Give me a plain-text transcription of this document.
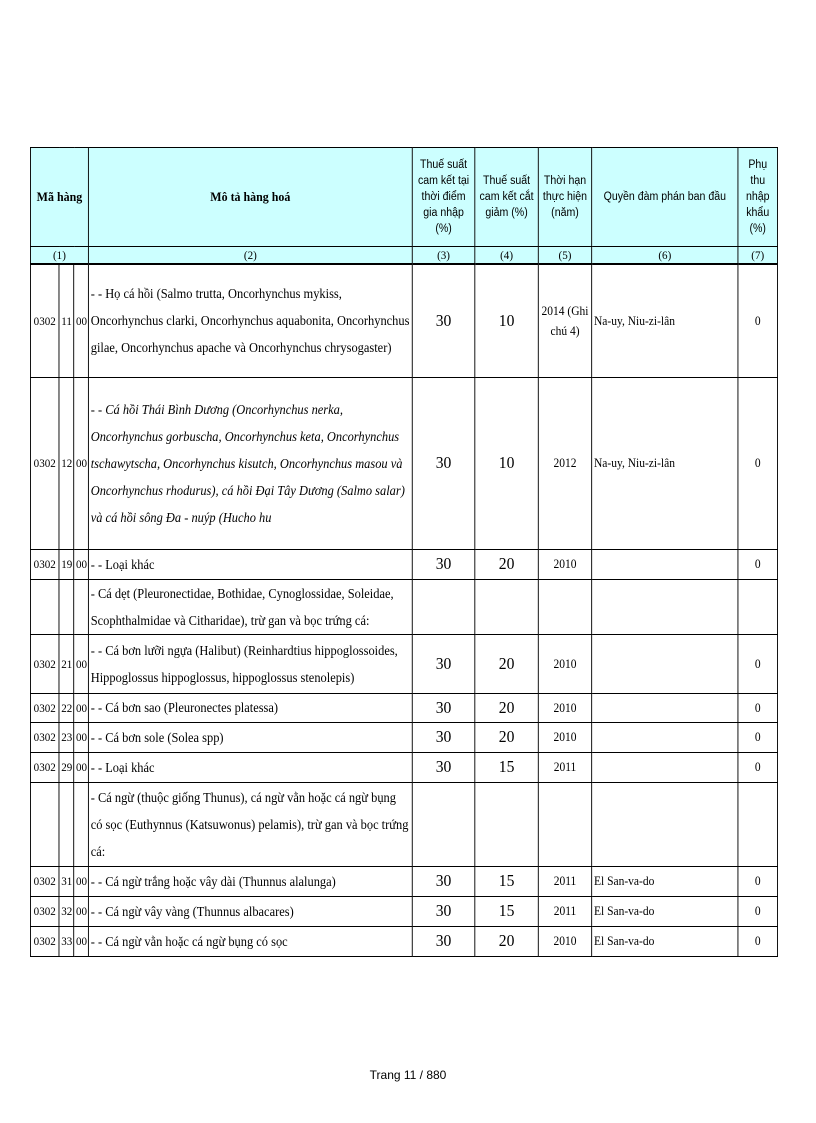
Mã hàng			Mô tả hàng hoá	Thuế suất cam kết tại thời điểm gia nhập (%)	Thuế suất cam kết cắt giảm (%)	Thời hạn thực hiện (năm)	Quyền đàm phán ban đầu	Phụ thu nhập khẩu (%)
(1)			(2)	(3)	(4)	(5)	(6)	(7)
0302	11	00	- - Họ cá hồi (Salmo trutta, Oncorhynchus mykiss, Oncorhynchus clarki, Oncorhynchus aquabonita, Oncorhynchus gilae, Oncorhynchus apache và Oncorhynchus chrysogaster)	30	10	2014 (Ghi chú 4)	Na-uy, Niu-zi-lân	0
0302	12	00	- - Cá hồi Thái Bình Dương (Oncorhynchus nerka, Oncorhynchus gorbuscha, Oncorhynchus keta, Oncorhynchus tschawytscha, Oncorhynchus kisutch, Oncorhynchus masou và Oncorhynchus rhodurus), cá hồi Đại Tây Dương (Salmo salar) và cá hồi sông Đa - nuýp (Hucho hu	30	10	2012	Na-uy, Niu-zi-lân	0
0302	19	00	- - Loại khác	30	20	2010		0
			- Cá dẹt (Pleuronectidae, Bothidae, Cynoglossidae, Soleidae, Scophthalmidae và Citharidae), trừ gan và bọc trứng cá:					
0302	21	00	- - Cá bơn lưỡi ngựa (Halibut) (Reinhardtius hippoglossoides, Hippoglossus hippoglossus, hippoglossus stenolepis)	30	20	2010		0
0302	22	00	- - Cá bơn sao (Pleuronectes platessa)	30	20	2010		0
0302	23	00	- - Cá bơn sole (Solea spp)	30	20	2010		0
0302	29	00	- - Loại khác	30	15	2011		0
			- Cá ngừ (thuộc giống Thunus), cá ngừ vằn hoặc cá ngừ bụng có sọc (Euthynnus (Katsuwonus) pelamis), trừ gan và bọc trứng cá:					
0302	31	00	- - Cá ngừ trắng hoặc vây dài (Thunnus alalunga)	30	15	2011	El San-va-do	0
0302	32	00	- - Cá ngừ vây vàng (Thunnus albacares)	30	15	2011	El San-va-do	0
0302	33	00	- - Cá ngừ vằn hoặc cá ngừ bụng có sọc	30	20	2010	El San-va-do	0
Trang 11 / 880
